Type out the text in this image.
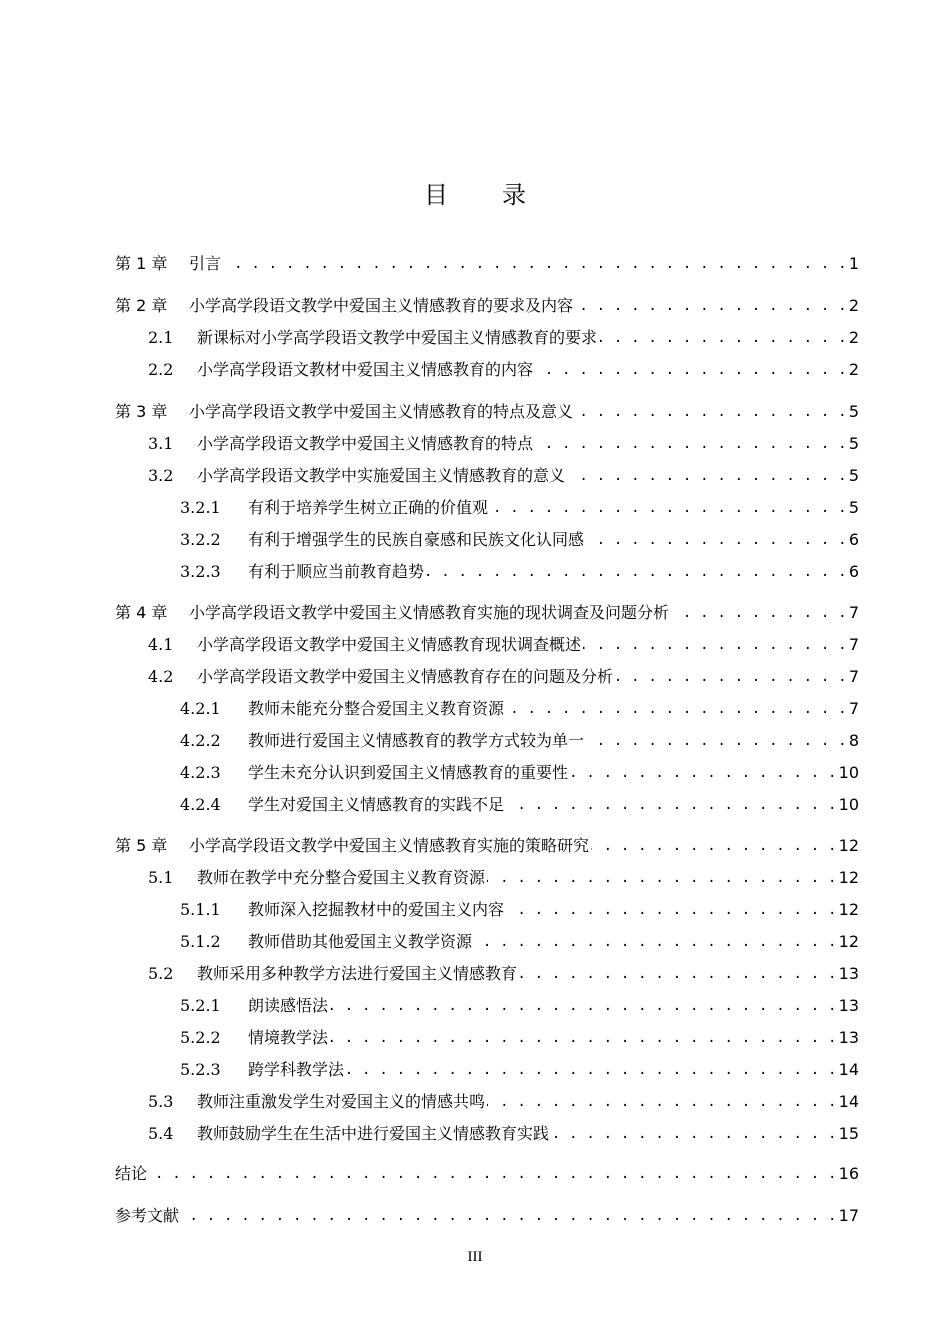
目 录
第 1 章	引言 . . .	1
第 2 章	小学高学段语文教学中爱国主义情感教育的要求及内容 . . .	2
2.1	新课标对小学高学段语文教学中爱国主义情感教育的要求 . . .	2
2.2	小学高学段语文教材中爱国主义情感教育的内容 . . .	2
第 3 章	小学高学段语文教学中爱国主义情感教育的特点及意义 . . .	5
3.1	小学高学段语文教学中爱国主义情感教育的特点 . . .	5
3.2	小学高学段语文教学中实施爱国主义情感教育的意义 . . .	5
3.2.1	有利于培养学生树立正确的价值观 . . .	5
3.2.2	有利于增强学生的民族自豪感和民族文化认同感 . . .	6
3.2.3	有利于顺应当前教育趋势 . . .	6
第 4 章	小学高学段语文教学中爱国主义情感教育实施的现状调查及问题分析 . . .	7
4.1	小学高学段语文教学中爱国主义情感教育现状调查概述 . . .	7
4.2	小学高学段语文教学中爱国主义情感教育存在的问题及分析 . . .	7
4.2.1	教师未能充分整合爱国主义教育资源 . . .	7
4.2.2	教师进行爱国主义情感教育的教学方式较为单一 . . .	8
4.2.3	学生未充分认识到爱国主义情感教育的重要性 . . .	10
4.2.4	学生对爱国主义情感教育的实践不足 . . .	10
第 5 章	小学高学段语文教学中爱国主义情感教育实施的策略研究 . . .	12
5.1	教师在教学中充分整合爱国主义教育资源 . . .	12
5.1.1	教师深入挖掘教材中的爱国主义内容 . . .	12
5.1.2	教师借助其他爱国主义教学资源 . . .	12
5.2	教师采用多种教学方法进行爱国主义情感教育 . . .	13
5.2.1	朗读感悟法 . . .	13
5.2.2	情境教学法 . . .	13
5.2.3	跨学科教学法 . . .	14
5.3	教师注重激发学生对爱国主义的情感共鸣 . . .	14
5.4	教师鼓励学生在生活中进行爱国主义情感教育实践 . . .	15
结论 . . .	16
参考文献 . . .	17
III
